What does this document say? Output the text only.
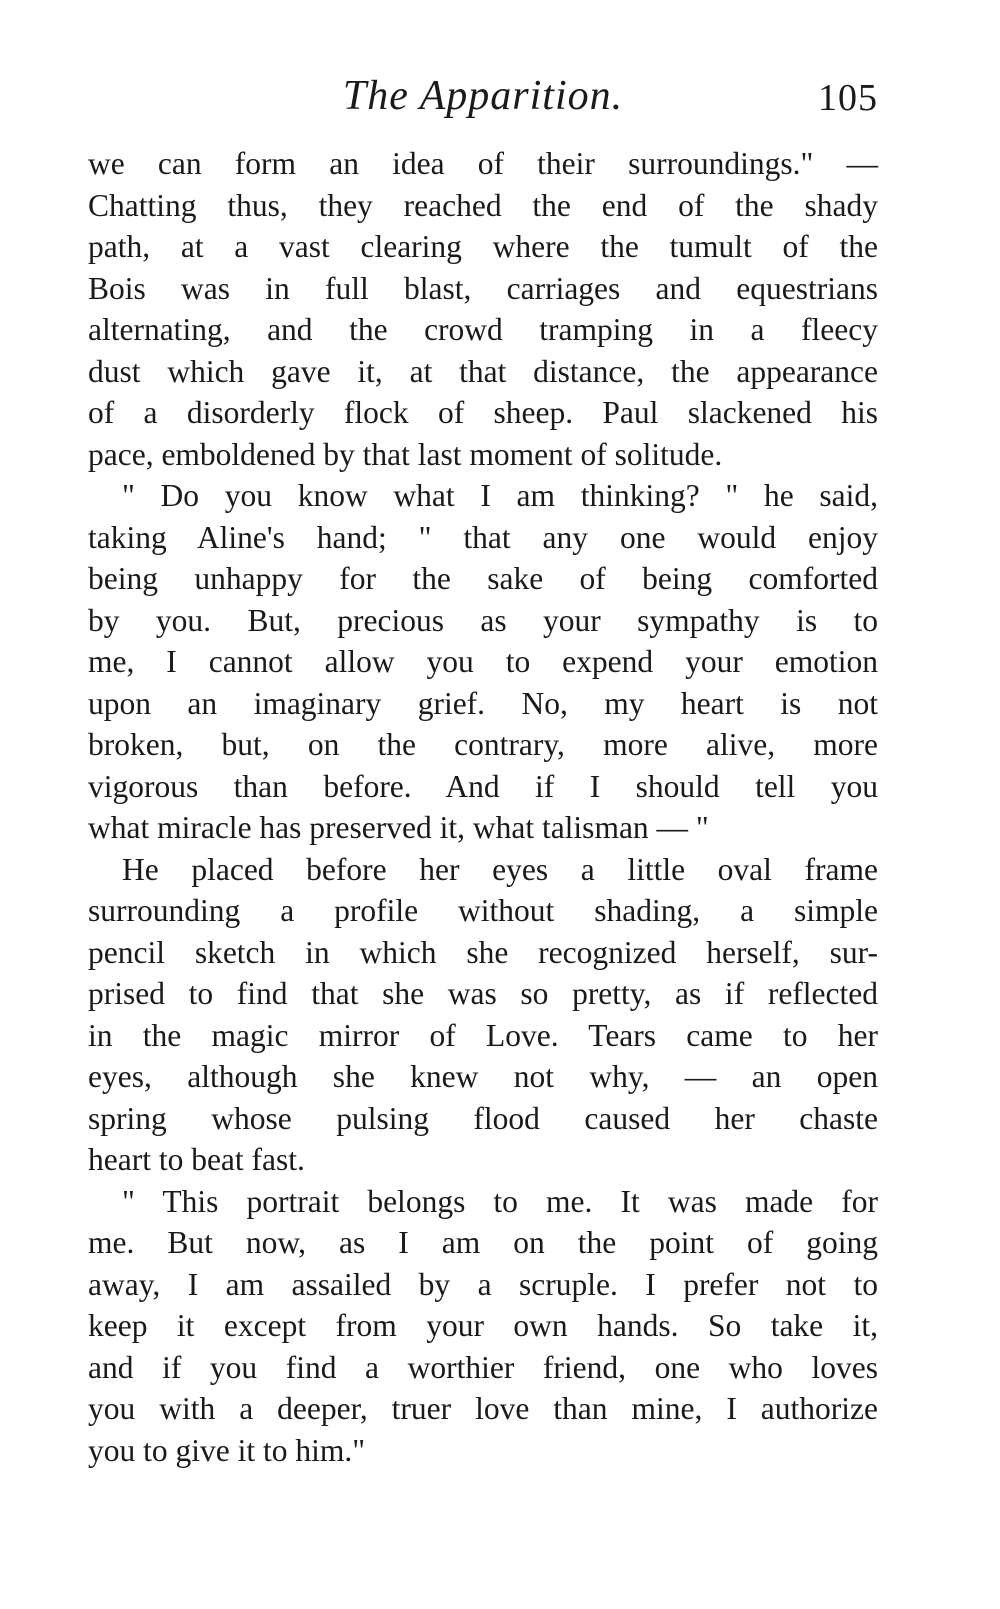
The Apparition.	105
we can form an idea of their surroundings." —
Chatting thus, they reached the end of the shady
path, at a vast clearing where the tumult of the
Bois was in full blast, carriages and equestrians
alternating, and the crowd tramping in a fleecy
dust which gave it, at that distance, the appearance
of a disorderly flock of sheep. Paul slackened his
pace, emboldened by that last moment of solitude.
" Do you know what I am thinking? " he said,
taking Aline's hand; " that any one would enjoy
being unhappy for the sake of being comforted
by you. But, precious as your sympathy is to
me, I cannot allow you to expend your emotion
upon an imaginary grief. No, my heart is not
broken, but, on the contrary, more alive, more
vigorous than before. And if I should tell you
what miracle has preserved it, what talisman — "
He placed before her eyes a little oval frame
surrounding a profile without shading, a simple
pencil sketch in which she recognized herself, sur-
prised to find that she was so pretty, as if reflected
in the magic mirror of Love. Tears came to her
eyes, although she knew not why, — an open
spring whose pulsing flood caused her chaste
heart to beat fast.
" This portrait belongs to me. It was made for
me. But now, as I am on the point of going
away, I am assailed by a scruple. I prefer not to
keep it except from your own hands. So take it,
and if you find a worthier friend, one who loves
you with a deeper, truer love than mine, I authorize
you to give it to him."
